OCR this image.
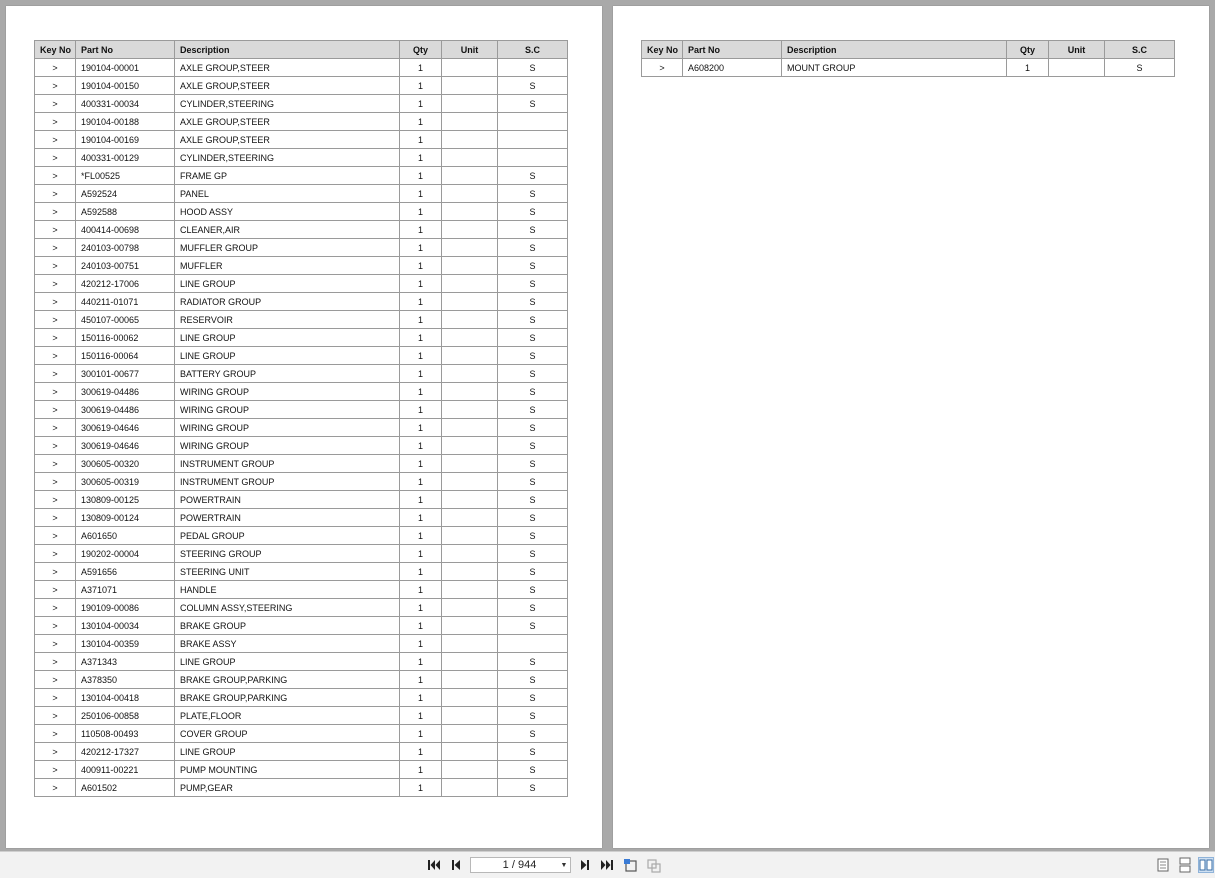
Key No	Part No	Description	Qty	Unit	S.C
>	190104-00001	AXLE GROUP,STEER	1		S
>	190104-00150	AXLE GROUP,STEER	1		S
>	400331-00034	CYLINDER,STEERING	1		S
>	190104-00188	AXLE GROUP,STEER	1		
>	190104-00169	AXLE GROUP,STEER	1		
>	400331-00129	CYLINDER,STEERING	1		
>	*FL00525	FRAME GP	1		S
>	A592524	PANEL	1		S
>	A592588	HOOD ASSY	1		S
>	400414-00698	CLEANER,AIR	1		S
>	240103-00798	MUFFLER GROUP	1		S
>	240103-00751	MUFFLER	1		S
>	420212-17006	LINE GROUP	1		S
>	440211-01071	RADIATOR GROUP	1		S
>	450107-00065	RESERVOIR	1		S
>	150116-00062	LINE GROUP	1		S
>	150116-00064	LINE GROUP	1		S
>	300101-00677	BATTERY GROUP	1		S
>	300619-04486	WIRING GROUP	1		S
>	300619-04486	WIRING GROUP	1		S
>	300619-04646	WIRING GROUP	1		S
>	300619-04646	WIRING GROUP	1		S
>	300605-00320	INSTRUMENT GROUP	1		S
>	300605-00319	INSTRUMENT GROUP	1		S
>	130809-00125	POWERTRAIN	1		S
>	130809-00124	POWERTRAIN	1		S
>	A601650	PEDAL GROUP	1		S
>	190202-00004	STEERING GROUP	1		S
>	A591656	STEERING UNIT	1		S
>	A371071	HANDLE	1		S
>	190109-00086	COLUMN ASSY,STEERING	1		S
>	130104-00034	BRAKE GROUP	1		S
>	130104-00359	BRAKE ASSY	1		
>	A371343	LINE GROUP	1		S
>	A378350	BRAKE GROUP,PARKING	1		S
>	130104-00418	BRAKE GROUP,PARKING	1		S
>	250106-00858	PLATE,FLOOR	1		S
>	110508-00493	COVER GROUP	1		S
>	420212-17327	LINE GROUP	1		S
>	400911-00221	PUMP MOUNTING	1		S
>	A601502	PUMP,GEAR	1		S
Key No	Part No	Description	Qty	Unit	S.C
>	A608200	MOUNT GROUP	1		S
1 / 944	▼
